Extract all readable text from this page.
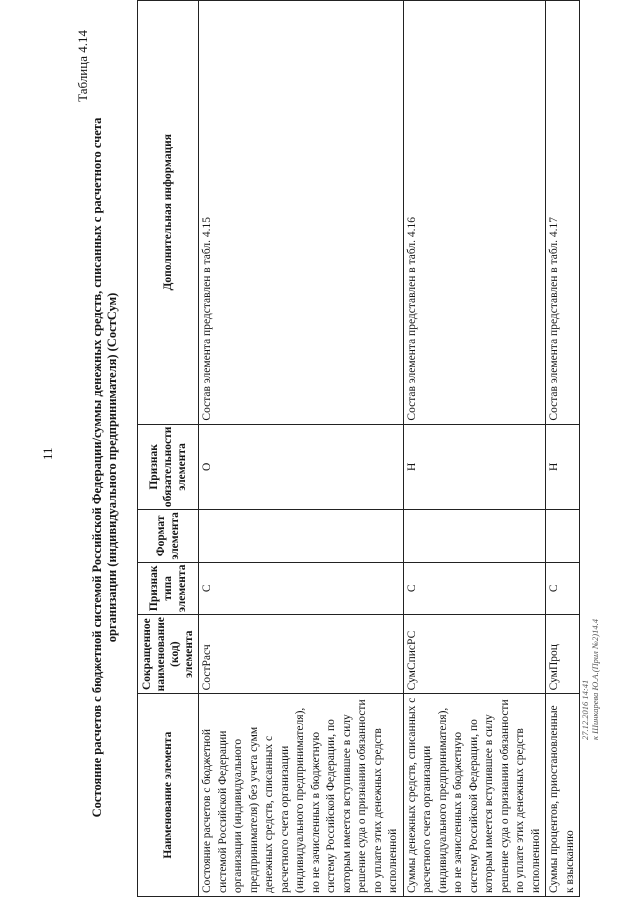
11
Таблица 4.14
Состояние расчетов с бюджетной системой Российской Федерации/суммы денежных средств, списанных с расчетного счета организации (индивидуального предпринимателя) (СостСум)
Наименование элемента	Сокращенное наименование (код) элемента	Признак типа элемента	Формат элемента	Признак обязательности элемента	Дополнительная информация
Состояние расчетов с бюджетной системой Российской Федерации организации (индивидуального предпринимателя) без учета сумм денежных средств, списанных с расчетного счета организации (индивидуального предпринимателя), но не зачисленных в бюджетную систему Российской Федерации, по которым имеется вступившее в силу решение суда о признании обязанности по уплате этих денежных средств исполненной	СостРасч	С		О	Состав элемента представлен в табл. 4.15
Суммы денежных средств, списанных с расчетного счета организации (индивидуального предпринимателя), но не зачисленных в бюджетную систему Российской Федерации, по которым имеется вступившее в силу решение суда о признании обязанности по уплате этих денежных средств исполненной	СумСписРС	С		Н	Состав элемента представлен в табл. 4.16
Суммы процентов, приостановленные к взысканию	СумПроц	С		Н	Состав элемента представлен в табл. 4.17
27.12.2016 14:41 к Шинкарева Ю.А.(Прил №2)14.4
